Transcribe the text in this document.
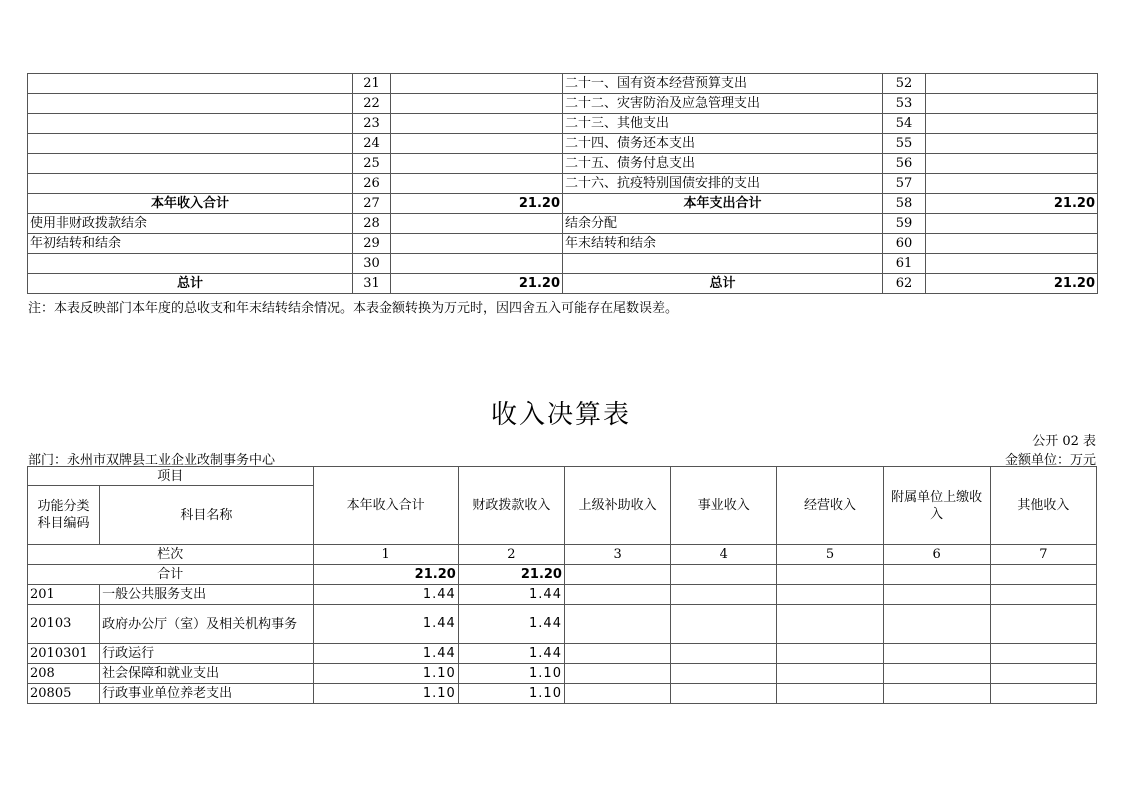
	21		二十一、国有资本经营预算支出	52	
	22		二十二、灾害防治及应急管理支出	53	
	23		二十三、其他支出	54	
	24		二十四、债务还本支出	55	
	25		二十五、债务付息支出	56	
	26		二十六、抗疫特别国债安排的支出	57	
本年收入合计	27	21.20	本年支出合计	58	21.20
使用非财政拨款结余	28		结余分配	59	
年初结转和结余	29		年末结转和结余	60	
	30			61	
总计	31	21.20	总计	62	21.20
注：本表反映部门本年度的总收支和年末结转结余情况。本表金额转换为万元时，因四舍五入可能存在尾数误差。
收入决算表
公开 02 表
部门：永州市双牌县工业企业改制事务中心	金额单位：万元
项目		本年收入合计	财政拨款收入	上级补助收入	事业收入	经营收入	附属单位上缴收入	其他收入
功能分类科目编码	科目名称							
栏次		1	2	3	4	5	6	7
合计		21.20	21.20					
201	一般公共服务支出	1.44	1.44					
20103	政府办公厅（室）及相关机构事务	1.44	1.44					
2010301	行政运行	1.44	1.44					
208	社会保障和就业支出	1.10	1.10					
20805	行政事业单位养老支出	1.10	1.10					
